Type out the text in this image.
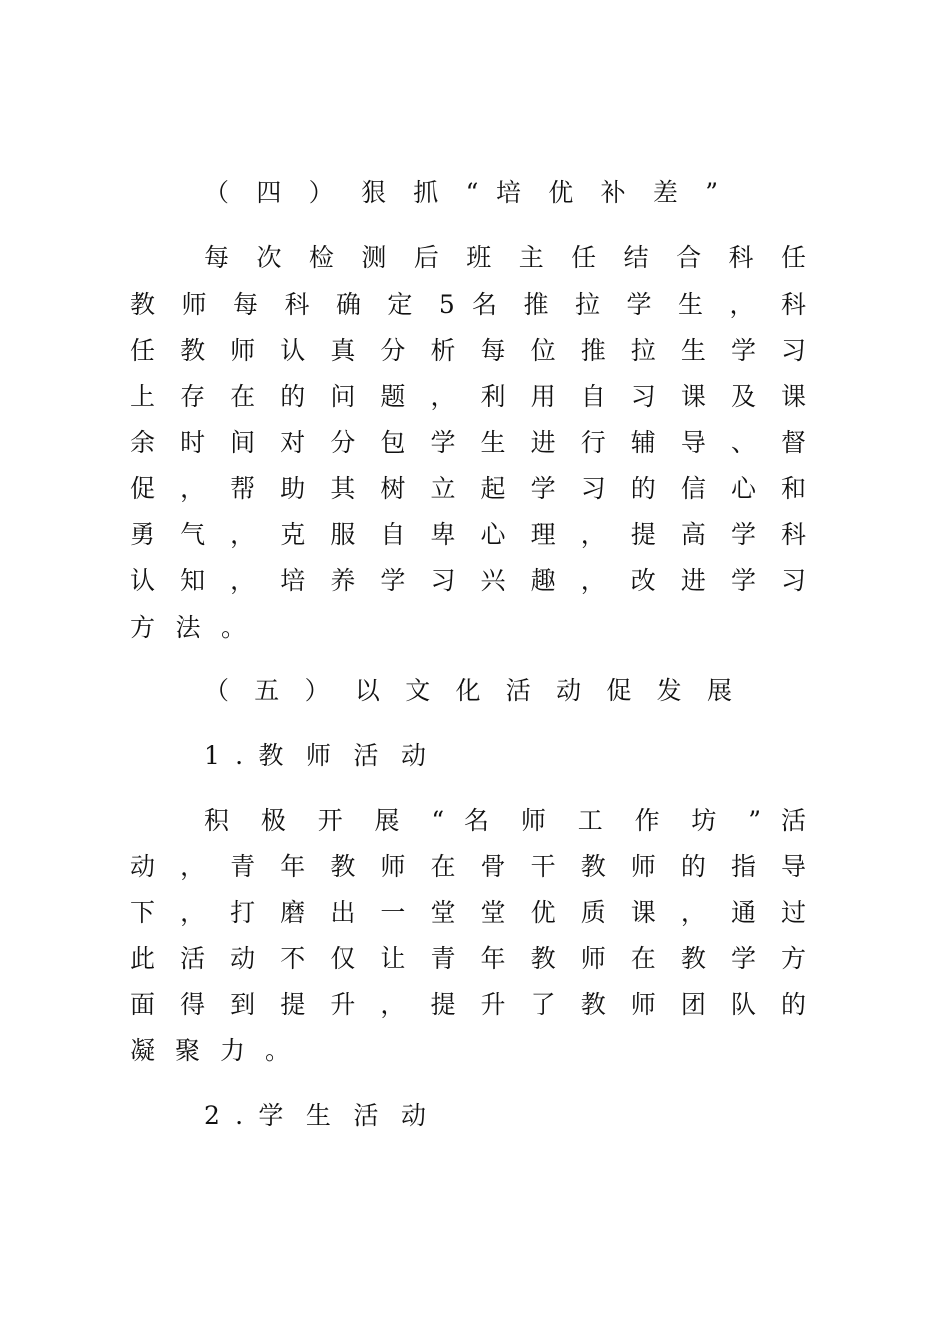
（ 四 ） 狠 抓 “ 培 优 补 差 ”
每 次 检 测 后 班 主 任 结 合 科 任
教 师 每 科 确 定 5 名 推 拉 学 生 ， 科
任 教 师 认 真 分 析 每 位 推 拉 生 学 习
上 存 在 的 问 题 ， 利 用 自 习 课 及 课
余 时 间 对 分 包 学 生 进 行 辅 导 、 督
促 ， 帮 助 其 树 立 起 学 习 的 信 心 和
勇 气 ， 克 服 自 卑 心 理 ， 提 高 学 科
认 知 ， 培 养 学 习 兴 趣 ， 改 进 学 习
方 法 。
（ 五 ） 以 文 化 活 动 促 发 展
1 . 教 师 活 动
积 极 开 展 “ 名 师 工 作 坊 ” 活
动 ， 青 年 教 师 在 骨 干 教 师 的 指 导
下 ， 打 磨 出 一 堂 堂 优 质 课 ， 通 过
此 活 动 不 仅 让 青 年 教 师 在 教 学 方
面 得 到 提 升 ， 提 升 了 教 师 团 队 的
凝 聚 力 。
2 . 学 生 活 动
